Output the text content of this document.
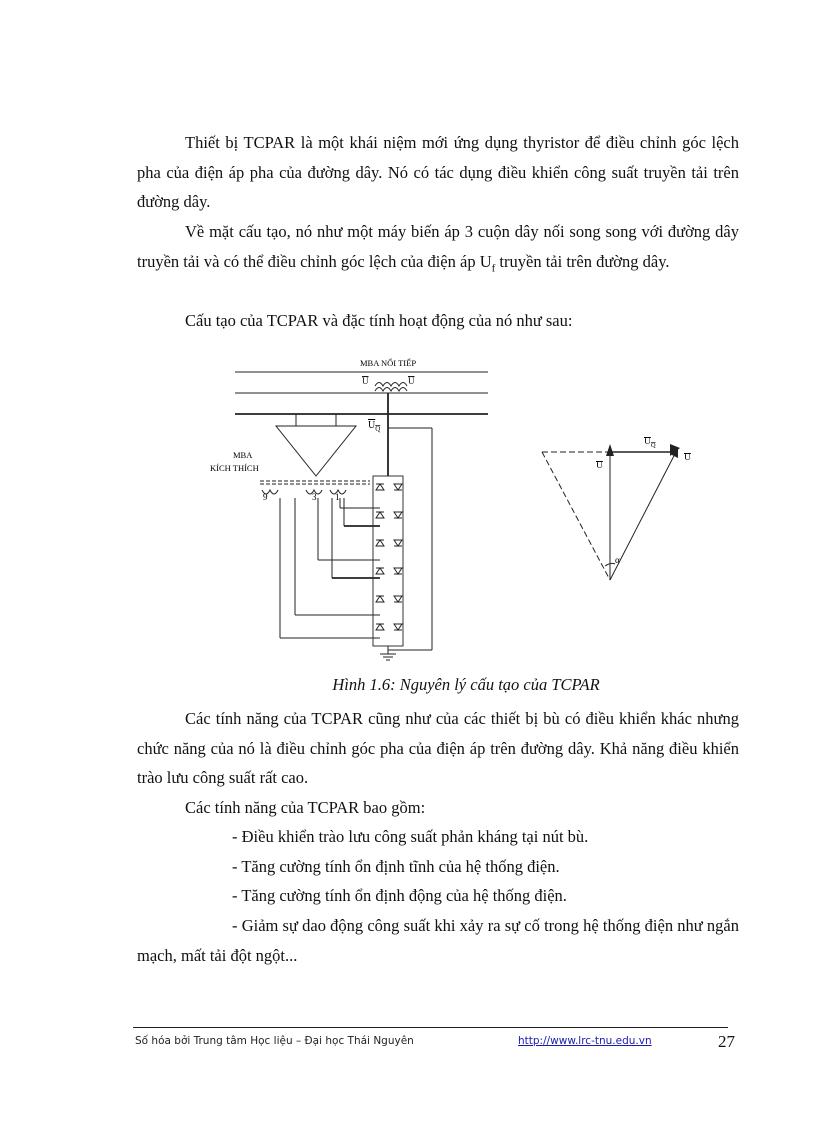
Thiết bị TCPAR là một khái niệm mới ứng dụng thyristor để điều chỉnh góc lệch pha của điện áp pha của đường dây. Nó có tác dụng điều khiển công suất truyền tải trên đường dây.

Về mặt cấu tạo, nó như một máy biến áp 3 cuộn dây nối song song với đường dây truyền tải và có thể điều chỉnh góc lệch của điện áp $U_f$ truyền tải trên đường dây.

Cấu tạo của TCPAR và đặc tính hoạt động của nó như sau:

MBA NỐI TIẾP
U	U
$U_Q$
MBA
KÍCH THÍCH
9	3 1
$U_Q$
U
U
α
Hình 1.6: Nguyên lý cấu tạo của TCPAR

Các tính năng của TCPAR cũng như của các thiết bị bù có điều khiển khác nhưng chức năng của nó là điều chỉnh góc pha của điện áp trên đường dây. Khả năng điều khiển trào lưu công suất rất cao.

Các tính năng của TCPAR bao gồm:

- Điều khiển trào lưu công suất phản kháng tại nút bù.

- Tăng cường tính ổn định tĩnh của hệ thống điện.

- Tăng cường tính ổn định động của hệ thống điện.

- Giảm sự dao động công suất khi xảy ra sự cố trong hệ thống điện như ngắn mạch, mất tải đột ngột...

Số hóa bởi Trung tâm Học liệu – Đại học Thái Nguyên	http://www.lrc-tnu.edu.vn	27
